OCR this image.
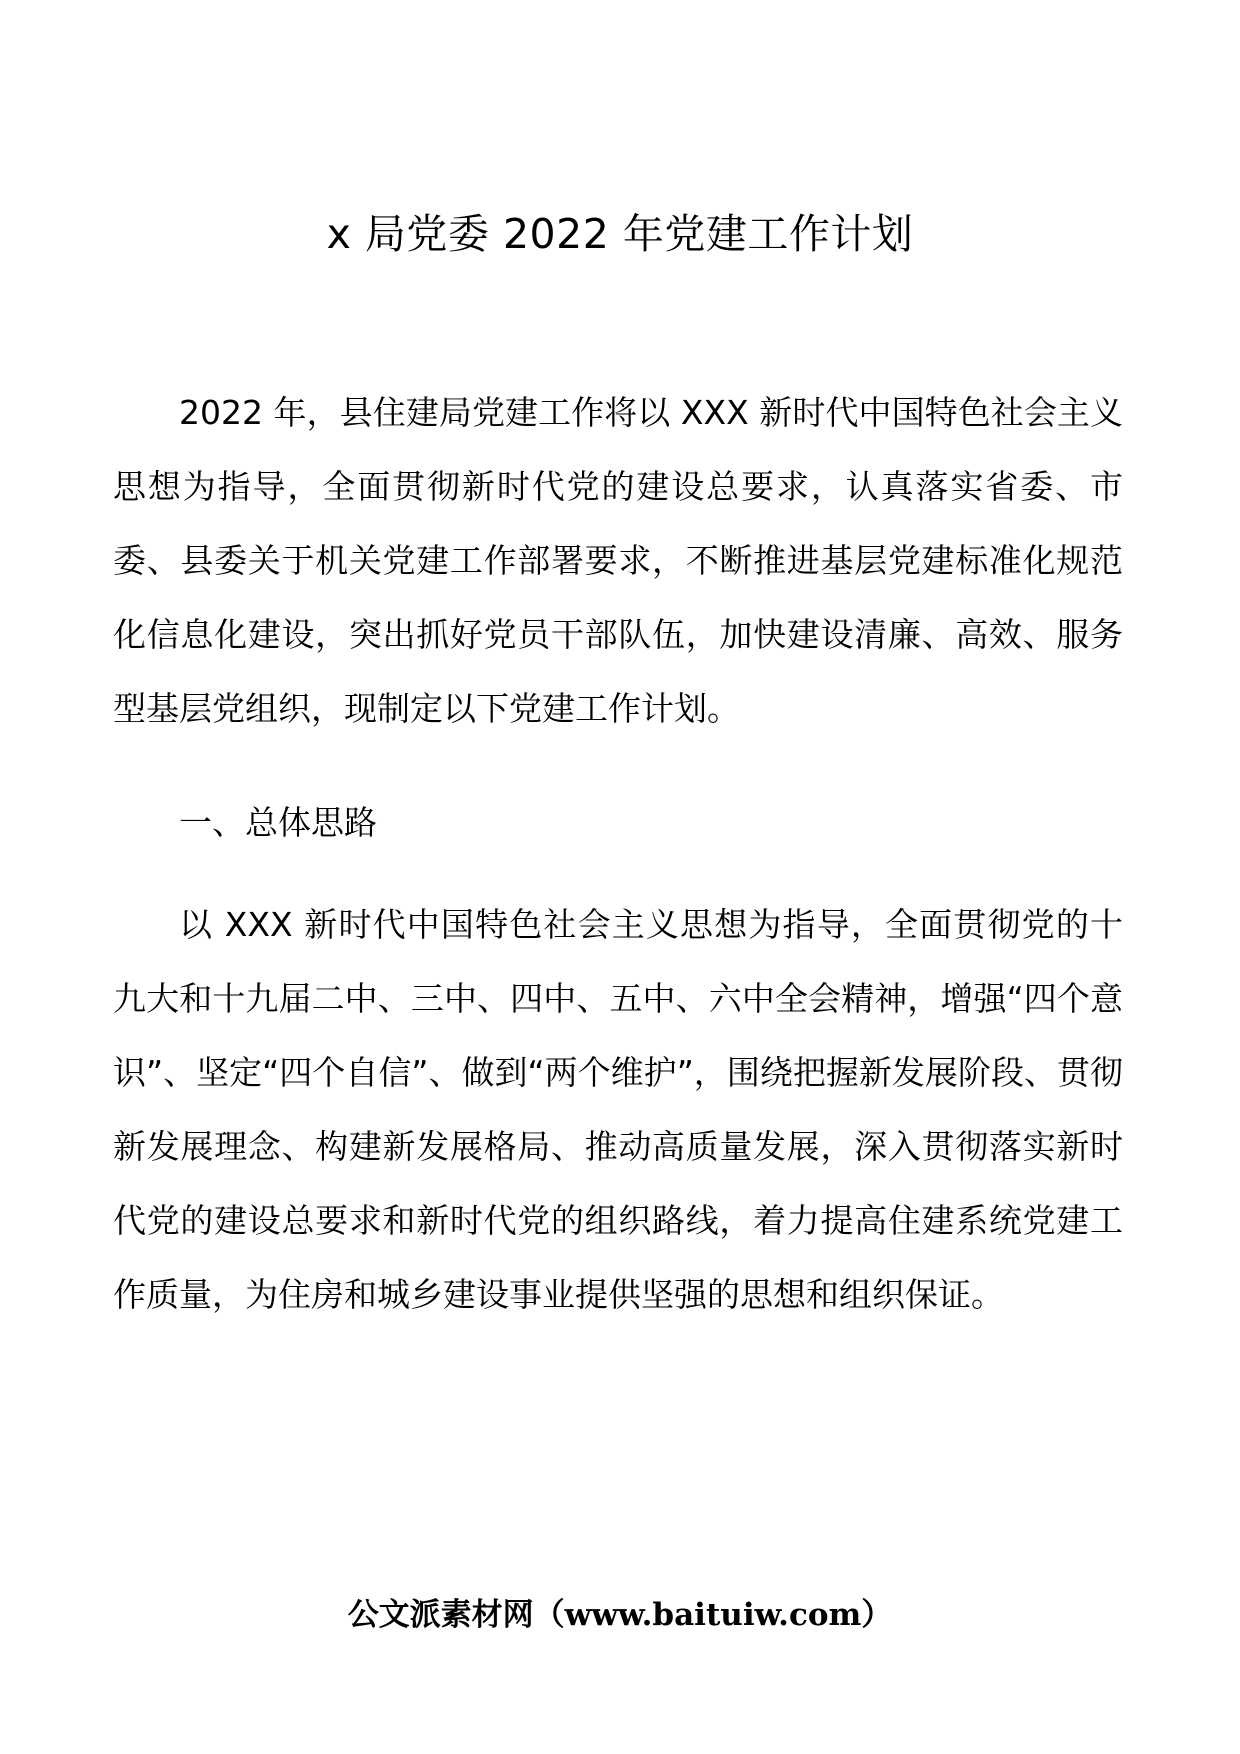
x 局党委 2022 年党建工作计划

2022 年，县住建局党建工作将以 XXX 新时代中国特色社会主义思想为指导，全面贯彻新时代党的建设总要求，认真落实省委、市委、县委关于机关党建工作部署要求，不断推进基层党建标准化规范化信息化建设，突出抓好党员干部队伍，加快建设清廉、高效、服务型基层党组织，现制定以下党建工作计划。

一、总体思路

以 XXX 新时代中国特色社会主义思想为指导，全面贯彻党的十九大和十九届二中、三中、四中、五中、六中全会精神，增强“四个意识”、坚定“四个自信”、做到“两个维护”，围绕把握新发展阶段、贯彻新发展理念、构建新发展格局、推动高质量发展，深入贯彻落实新时代党的建设总要求和新时代党的组织路线，着力提高住建系统党建工作质量，为住房和城乡建设事业提供坚强的思想和组织保证。

公文派素材网（www.baituiw.com）
